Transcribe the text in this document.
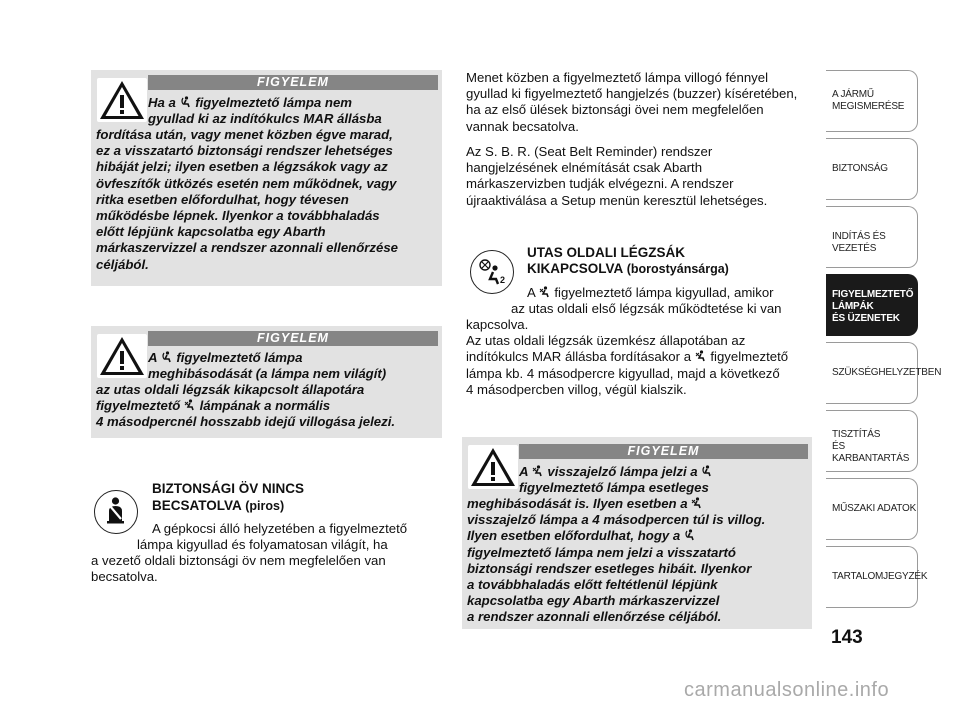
FIGYELEM
Ha a  figyelmeztető lámpa nem
gyullad ki az indítókulcs MAR állásba
fordítása után, vagy menet közben égve marad,
ez a visszatartó biztonsági rendszer lehetséges
hibáját jelzi; ilyen esetben a légzsákok vagy az
övfeszítők ütközés esetén nem működnek, vagy
ritka esetben előfordulhat, hogy tévesen
működésbe lépnek. Ilyenkor a továbbhaladás
előtt lépjünk kapcsolatba egy Abarth
márkaszervizzel a rendszer azonnali ellenőrzése
céljából.
FIGYELEM
A  figyelmeztető lámpa
meghibásodását (a lámpa nem világít)
az utas oldali légzsák kikapcsolt állapotára
figyelmeztető  lámpának a normális
4 másodpercnél hosszabb idejű villogása jelezi.
BIZTONSÁGI ÖV NINCS
BECSATOLVA (piros)
A gépkocsi álló helyzetében a figyelmeztető
lámpa kigyullad és folyamatosan világít, ha
a vezető oldali biztonsági öv nem megfelelően van
becsatolva.
Menet közben a figyelmeztető lámpa villogó fénnyel
gyullad ki figyelmeztető hangjelzés (buzzer) kíséretében,
ha az első ülések biztonsági övei nem megfelelően
vannak becsatolva.
Az S. B. R. (Seat Belt Reminder) rendszer
hangjelzésének elnémítását csak Abarth
márkaszervizben tudják elvégezni. A rendszer
újraaktiválása a Setup menün keresztül lehetséges.
2
UTAS OLDALI LÉGZSÁK
KIKAPCSOLVA (borostyánsárga)
A  figyelmeztető lámpa kigyullad, amikor
az utas oldali első légzsák működtetése ki van
kapcsolva.
Az utas oldali légzsák üzemkész állapotában az
indítókulcs MAR állásba fordításakor a  figyelmeztető
lámpa kb. 4 másodpercre kigyullad, majd a következő
4 másodpercben villog, végül kialszik.
FIGYELEM
A  visszajelző lámpa jelzi a
figyelmeztető lámpa esetleges
meghibásodását is. Ilyen esetben a
visszajelző lámpa a 4 másodpercen túl is villog.
Ilyen esetben előfordulhat, hogy a
figyelmeztető lámpa nem jelzi a visszatartó
biztonsági rendszer esetleges hibáit. Ilyenkor
a továbbhaladás előtt feltétlenül lépjünk
kapcsolatba egy Abarth márkaszervizzel
a rendszer azonnali ellenőrzése céljából.
A JÁRMŰ
MEGISMERÉSE
BIZTONSÁG
INDÍTÁS ÉS VEZETÉS
FIGYELMEZTETŐ
LÁMPÁK
ÉS ÜZENETEK
SZÜKSÉGHELYZETBEN
TISZTÍTÁS
ÉS KARBANTARTÁS
MŰSZAKI ADATOK
TARTALOMJEGYZÉK
143
carmanualsonline.info
